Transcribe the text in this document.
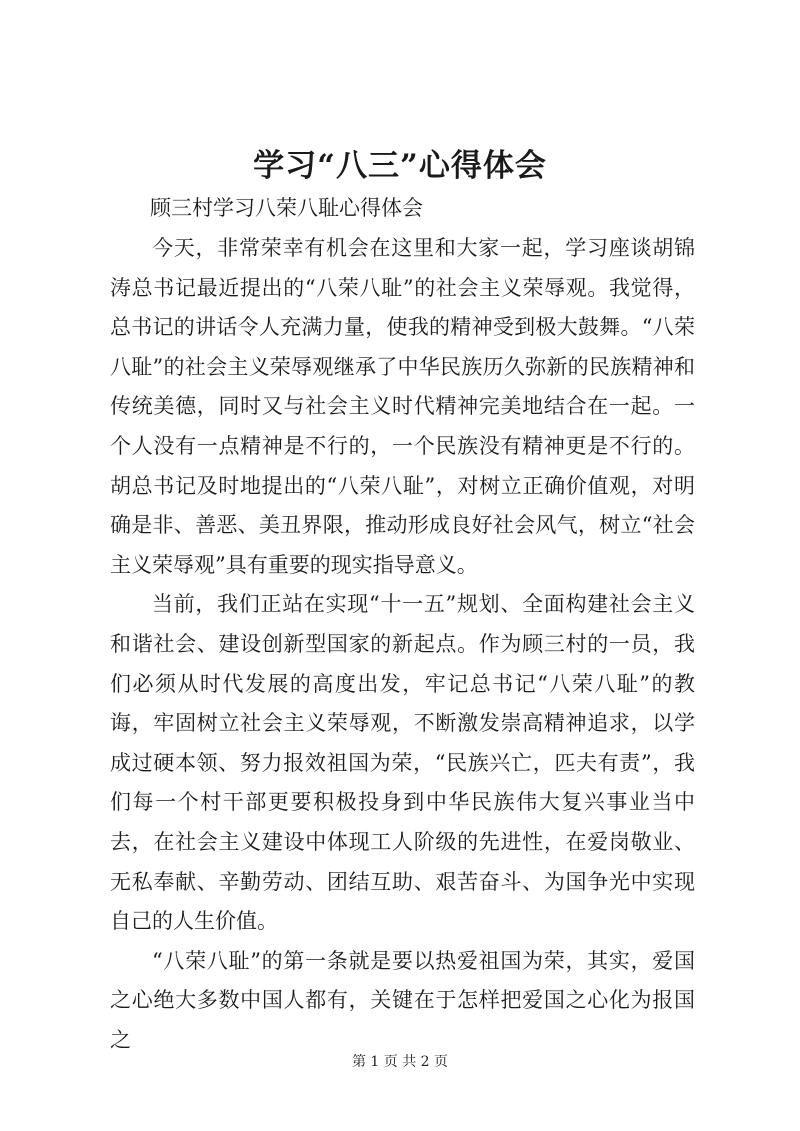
学习“八三”心得体会
顾三村学习八荣八耻心得体会

今天，非常荣幸有机会在这里和大家一起，学习座谈胡锦涛总书记最近提出的“八荣八耻”的社会主义荣辱观。我觉得，总书记的讲话令人充满力量，使我的精神受到极大鼓舞。“八荣八耻”的社会主义荣辱观继承了中华民族历久弥新的民族精神和传统美德，同时又与社会主义时代精神完美地结合在一起。一个人没有一点精神是不行的，一个民族没有精神更是不行的。胡总书记及时地提出的“八荣八耻”，对树立正确价值观，对明确是非、善恶、美丑界限，推动形成良好社会风气，树立“社会主义荣辱观”具有重要的现实指导意义。

当前，我们正站在实现“十一五”规划、全面构建社会主义和谐社会、建设创新型国家的新起点。作为顾三村的一员，我们必须从时代发展的高度出发，牢记总书记“八荣八耻”的教诲，牢固树立社会主义荣辱观，不断激发崇高精神追求，以学成过硬本领、努力报效祖国为荣，“民族兴亡，匹夫有责”，我们每一个村干部更要积极投身到中华民族伟大复兴事业当中去，在社会主义建设中体现工人阶级的先进性，在爱岗敬业、无私奉献、辛勤劳动、团结互助、艰苦奋斗、为国争光中实现自己的人生价值。

“八荣八耻”的第一条就是要以热爱祖国为荣，其实，爱国之心绝大多数中国人都有，关键在于怎样把爱国之心化为报国之

第 1 页 共 2 页
